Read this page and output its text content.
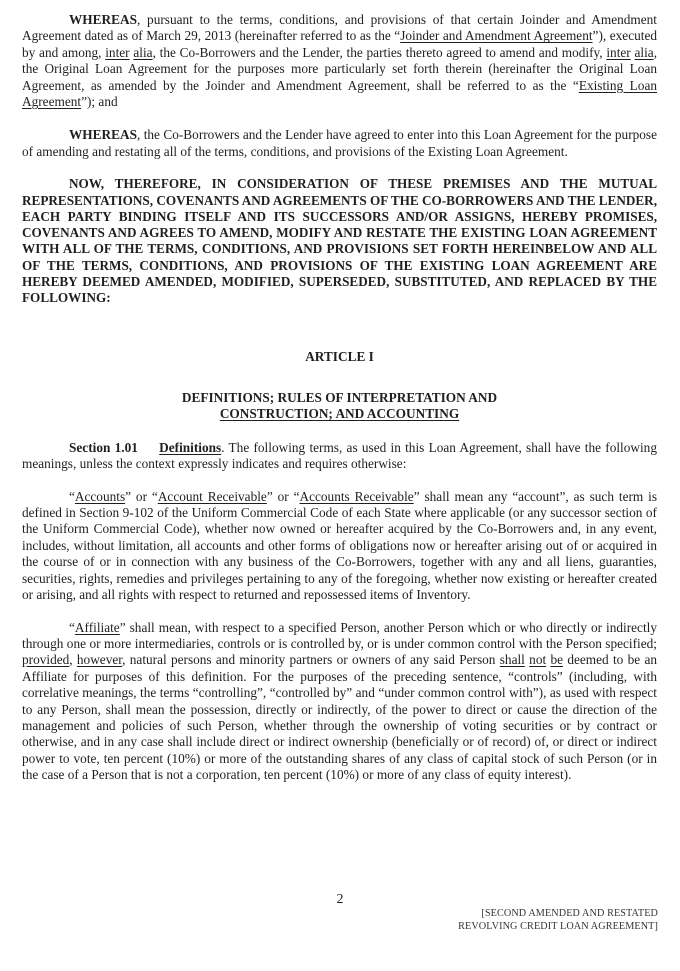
WHEREAS, pursuant to the terms, conditions, and provisions of that certain Joinder and Amendment Agreement dated as of March 29, 2013 (hereinafter referred to as the “Joinder and Amendment Agreement”), executed by and among, inter alia, the Co-Borrowers and the Lender, the parties thereto agreed to amend and modify, inter alia, the Original Loan Agreement for the purposes more particularly set forth therein (hereinafter the Original Loan Agreement, as amended by the Joinder and Amendment Agreement, shall be referred to as the “Existing Loan Agreement”); and

WHEREAS, the Co-Borrowers and the Lender have agreed to enter into this Loan Agreement for the purpose of amending and restating all of the terms, conditions, and provisions of the Existing Loan Agreement.

NOW, THEREFORE, IN CONSIDERATION OF THESE PREMISES AND THE MUTUAL REPRESENTATIONS, COVENANTS AND AGREEMENTS OF THE CO-BORROWERS AND THE LENDER, EACH PARTY BINDING ITSELF AND ITS SUCCESSORS AND/OR ASSIGNS, HEREBY PROMISES, COVENANTS AND AGREES TO AMEND, MODIFY AND RESTATE THE EXISTING LOAN AGREEMENT WITH ALL OF THE TERMS, CONDITIONS, AND PROVISIONS SET FORTH HEREINBELOW AND ALL OF THE TERMS, CONDITIONS, AND PROVISIONS OF THE EXISTING LOAN AGREEMENT ARE HEREBY DEEMED AMENDED, MODIFIED, SUPERSEDED, SUBSTITUTED, AND REPLACED BY THE FOLLOWING:

ARTICLE I

DEFINITIONS; RULES OF INTERPRETATION AND

CONSTRUCTION; AND ACCOUNTING

Section 1.01 Definitions. The following terms, as used in this Loan Agreement, shall have the following meanings, unless the context expressly indicates and requires otherwise:

“Accounts” or “Account Receivable” or “Accounts Receivable” shall mean any “account”, as such term is defined in Section 9-102 of the Uniform Commercial Code of each State where applicable (or any successor section of the Uniform Commercial Code), whether now owned or hereafter acquired by the Co-Borrowers and, in any event, includes, without limitation, all accounts and other forms of obligations now or hereafter arising out of or acquired in the course of or in connection with any business of the Co-Borrowers, together with any and all liens, guaranties, securities, rights, remedies and privileges pertaining to any of the foregoing, whether now existing or hereafter created or arising, and all rights with respect to returned and repossessed items of Inventory.

“Affiliate” shall mean, with respect to a specified Person, another Person which or who directly or indirectly through one or more intermediaries, controls or is controlled by, or is under common control with the Person specified; provided, however, natural persons and minority partners or owners of any said Person shall not be deemed to be an Affiliate for purposes of this definition. For the purposes of the preceding sentence, “controls” (including, with correlative meanings, the terms “controlling”, “controlled by” and “under common control with”), as used with respect to any Person, shall mean the possession, directly or indirectly, of the power to direct or cause the direction of the management and policies of such Person, whether through the ownership of voting securities or by contract or otherwise, and in any case shall include direct or indirect ownership (beneficially or of record) of, or direct or indirect power to vote, ten percent (10%) or more of the outstanding shares of any class of capital stock of such Person (or in the case of a Person that is not a corporation, ten percent (10%) or more of any class of equity interest).

2
[SECOND AMENDED AND RESTATED
REVOLVING CREDIT LOAN AGREEMENT]
